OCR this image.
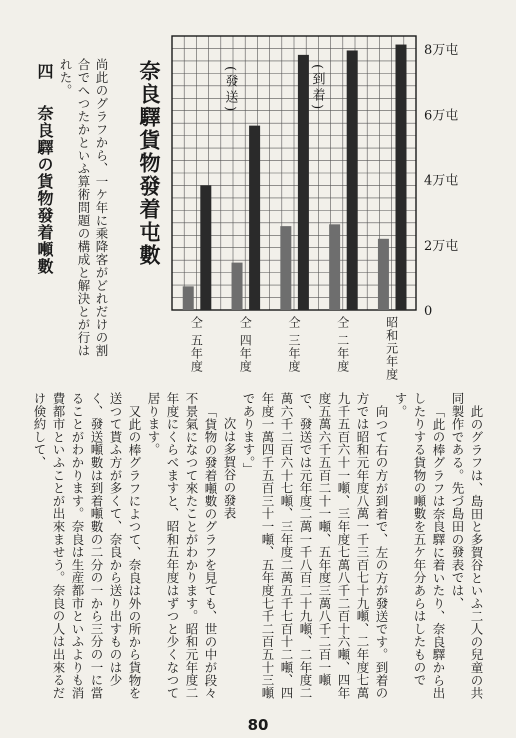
四  奈良驛の貨物發着噸數	尚此のグラフから、一ケ年に乘降客がどれだけの割合でへつたかといふ算術問題の構成と解決とが行はれた。
0
2万屯
4万屯
6万屯
8万屯
昭和元年度
仝 二年度
仝 三年度
仝 四年度
仝 五年度
(到着)
(發送)
奈良驛貨物發着屯數

此のグラフは、島田と多賀谷といふ二人の兒童の共同製作である。先づ島田の發表では、

「此の棒グラフは奈良驛に着いたり、奈良驛から出したりする貨物の噸數を五ケ年分あらはしたものです。

向つて右の方が到着で、左の方が發送です。到着の方では昭和元年度八萬一千三百七十九噸、二年度七萬九千五百六十一噸、三年度七萬八千二百十六噸、四年度五萬六千五百二十一噸、五年度三萬八千二百一噸で、發送では元年度二萬一千八百二十九噸、二年度二萬六千二百六十七噸、三年度二萬五千七百十二噸、四年度一萬四千五百三十一噸、五年度七千二百五十三噸であります。」

次は多賀谷の發表

「貨物の發着噸數のグラフを見ても、世の中が段々不景氣になつて來たことがわかります。昭和元年度二年度にくらべますと、昭和五年度はずつと少くなつて居ります。

又此の棒グラフによつて、奈良は外の所から貨物を送つて貰ふ方が多くて、奈良から送り出すものは少く、發送噸數は到着噸數の二分の一から三分の一に當ることがわかります。奈良は生産都市といふよりも消費都市といふことが出來ませう。奈良の人は出來るだけ倹約して、

80
